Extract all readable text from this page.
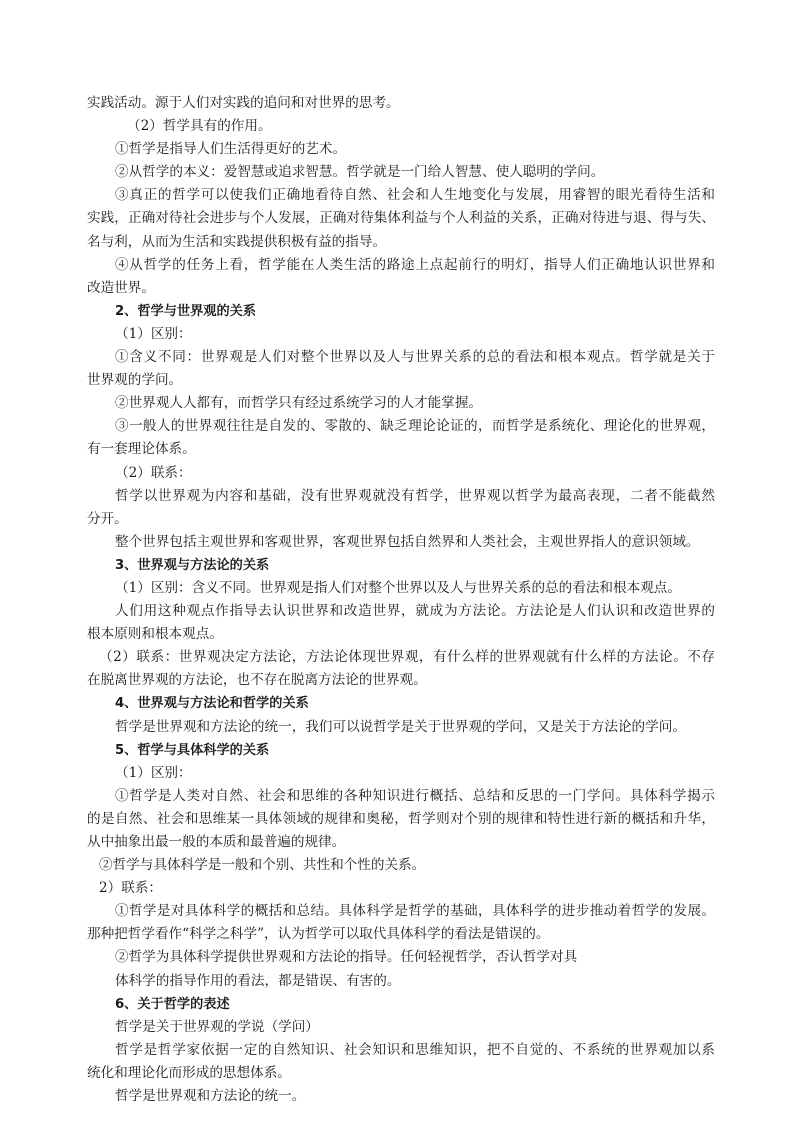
实践活动。源于人们对实践的追问和对世界的思考。
（2）哲学具有的作用。
①哲学是指导人们生活得更好的艺术。
②从哲学的本义：爱智慧或追求智慧。哲学就是一门给人智慧、使人聪明的学问。
③真正的哲学可以使我们正确地看待自然、社会和人生地变化与发展，用睿智的眼光看待生活和
实践，正确对待社会进步与个人发展，正确对待集体利益与个人利益的关系，正确对待进与退、得与失、
名与利，从而为生活和实践提供积极有益的指导。
④从哲学的任务上看，哲学能在人类生活的路途上点起前行的明灯，指导人们正确地认识世界和
改造世界。
2、哲学与世界观的关系
（1）区别：
①含义不同：世界观是人们对整个世界以及人与世界关系的总的看法和根本观点。哲学就是关于
世界观的学问。
②世界观人人都有，而哲学只有经过系统学习的人才能掌握。
③一般人的世界观往往是自发的、零散的、缺乏理论论证的，而哲学是系统化、理论化的世界观，
有一套理论体系。
（2）联系：
哲学以世界观为内容和基础，没有世界观就没有哲学，世界观以哲学为最高表现，二者不能截然
分开。
整个世界包括主观世界和客观世界，客观世界包括自然界和人类社会，主观世界指人的意识领域。
3、世界观与方法论的关系
（1）区别：含义不同。世界观是指人们对整个世界以及人与世界关系的总的看法和根本观点。
人们用这种观点作指导去认识世界和改造世界，就成为方法论。方法论是人们认识和改造世界的
根本原则和根本观点。
（2）联系：世界观决定方法论，方法论体现世界观，有什么样的世界观就有什么样的方法论。不存
在脱离世界观的方法论，也不存在脱离方法论的世界观。
4、世界观与方法论和哲学的关系
哲学是世界观和方法论的统一，我们可以说哲学是关于世界观的学问，又是关于方法论的学问。
5、哲学与具体科学的关系
（1）区别：
①哲学是人类对自然、社会和思维的各种知识进行概括、总结和反思的一门学问。具体科学揭示
的是自然、社会和思维某一具体领域的规律和奥秘，哲学则对个别的规律和特性进行新的概括和升华，
从中抽象出最一般的本质和最普遍的规律。
②哲学与具体科学是一般和个别、共性和个性的关系。
2）联系：
①哲学是对具体科学的概括和总结。具体科学是哲学的基础，具体科学的进步推动着哲学的发展。
那种把哲学看作“科学之科学”，认为哲学可以取代具体科学的看法是错误的。
②哲学为具体科学提供世界观和方法论的指导。任何轻视哲学，否认哲学对具
体科学的指导作用的看法，都是错误、有害的。
6、关于哲学的表述
哲学是关于世界观的学说（学问）
哲学是哲学家依据一定的自然知识、社会知识和思维知识，把不自觉的、不系统的世界观加以系
统化和理论化而形成的思想体系。
哲学是世界观和方法论的统一。
